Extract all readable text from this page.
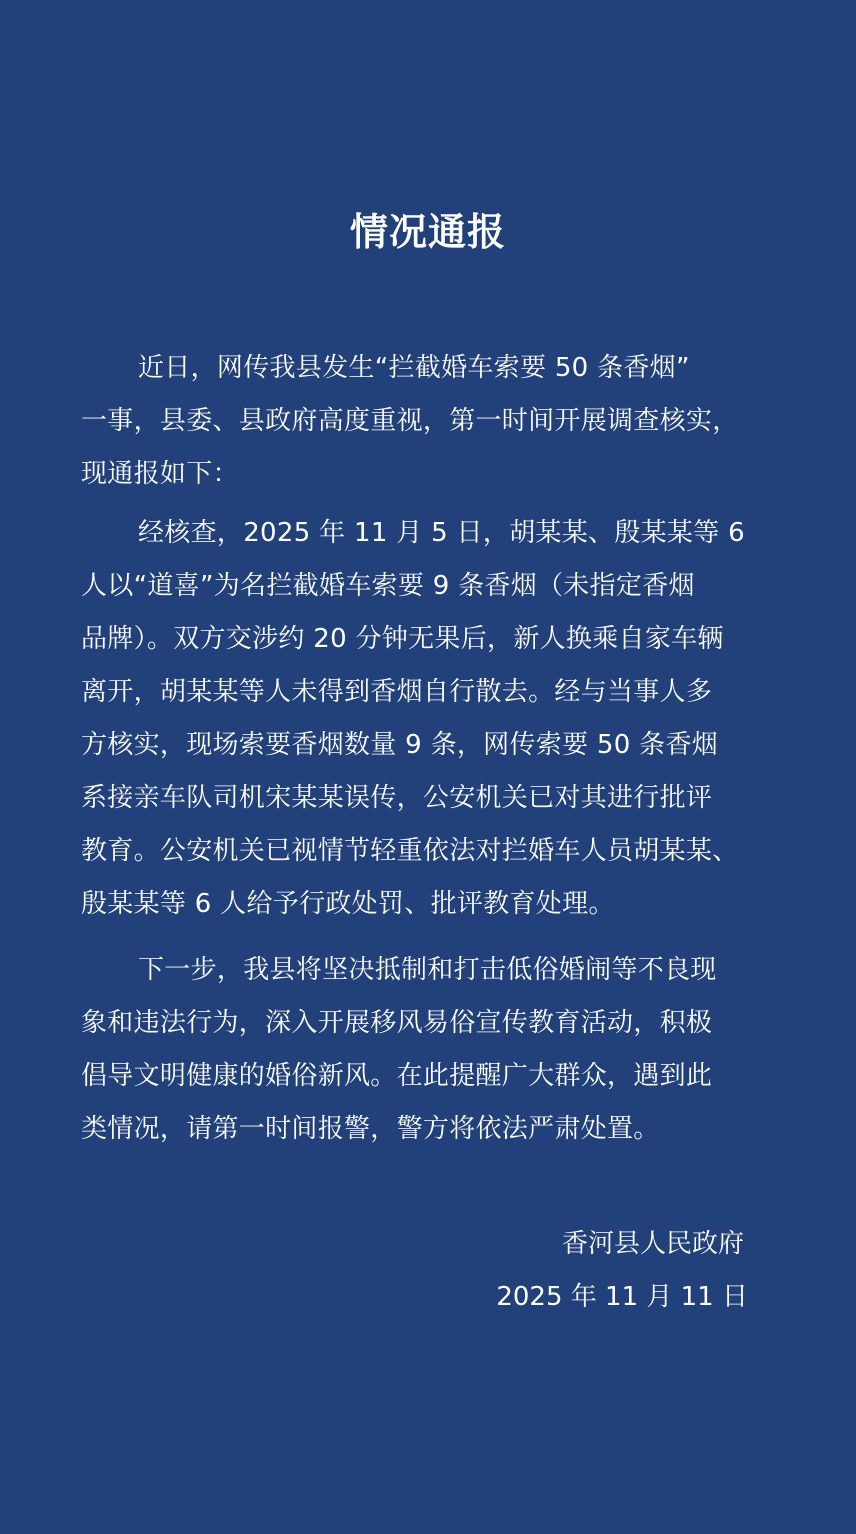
情况通报

近日，网传我县发生“拦截婚车索要 50 条香烟”
一事，县委、县政府高度重视，第一时间开展调查核实，
现通报如下：

经核查，2025 年 11 月 5 日，胡某某、殷某某等 6
人以“道喜”为名拦截婚车索要 9 条香烟（未指定香烟
品牌）。双方交涉约 20 分钟无果后，新人换乘自家车辆
离开，胡某某等人未得到香烟自行散去。经与当事人多
方核实，现场索要香烟数量 9 条，网传索要 50 条香烟
系接亲车队司机宋某某误传，公安机关已对其进行批评
教育。公安机关已视情节轻重依法对拦婚车人员胡某某、
殷某某等 6 人给予行政处罚、批评教育处理。

下一步，我县将坚决抵制和打击低俗婚闹等不良现
象和违法行为，深入开展移风易俗宣传教育活动，积极
倡导文明健康的婚俗新风。在此提醒广大群众，遇到此
类情况，请第一时间报警，警方将依法严肃处置。

香河县人民政府
2025 年 11 月 11 日
